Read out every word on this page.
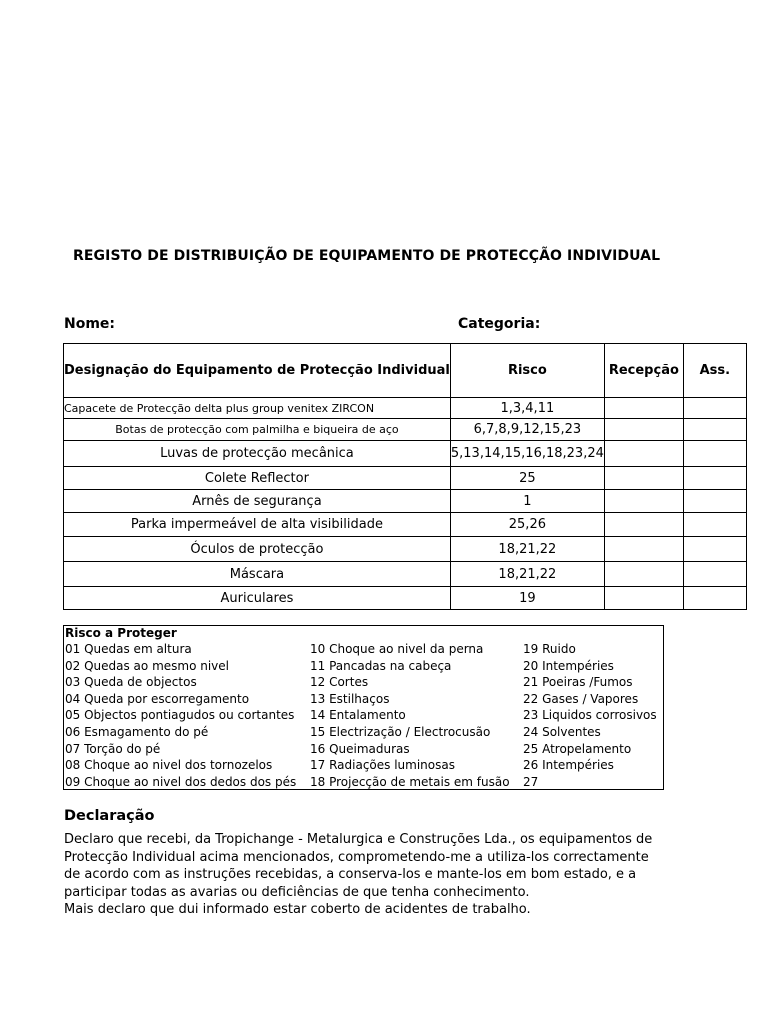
REGISTO DE DISTRIBUIÇÃO DE EQUIPAMENTO DE PROTECÇÃO INDIVIDUAL
Nome:	Categoria:
Designação do Equipamento de Protecção Individual	Risco	Recepção	Ass.
Capacete de Protecção delta plus group venitex ZIRCON	1,3,4,11		
Botas de protecção com palmilha e biqueira de aço	6,7,8,9,12,15,23		
Luvas de protecção mecânica	5,13,14,15,16,18,23,24		
Colete Reflector	25		
Arnês de segurança	1		
Parka impermeável de alta visibilidade	25,26		
Óculos de protecção	18,21,22		
Máscara	18,21,22		
Auriculares	19		
Risco a Proteger
01 Quedas em altura
02 Quedas ao mesmo nivel
03 Queda de objectos
04 Queda por escorregamento
05 Objectos pontiagudos ou cortantes
06 Esmagamento do pé
07 Torção do pé
08 Choque ao nivel dos tornozelos
09 Choque ao nivel dos dedos dos pés
10 Choque ao nivel da perna
11 Pancadas na cabeça
12 Cortes
13 Estilhaços
14 Entalamento
15 Electrização / Electrocusão
16 Queimaduras
17 Radiações luminosas
18 Projecção de metais em fusão
19 Ruido
20 Intempéries
21 Poeiras /Fumos
22 Gases / Vapores
23 Liquidos corrosivos
24 Solventes
25 Atropelamento
26 Intempéries
27
Declaração

Declaro que recebi, da Tropichange - Metalurgica e Construções Lda., os equipamentos de Protecção Individual acima mencionados, comprometendo-me a utiliza-los correctamente de acordo com as instruções recebidas, a conserva-los e mante-los em bom estado, e a participar todas as avarias ou deficiências de que tenha conhecimento.

Mais declaro que dui informado estar coberto de acidentes de trabalho.
